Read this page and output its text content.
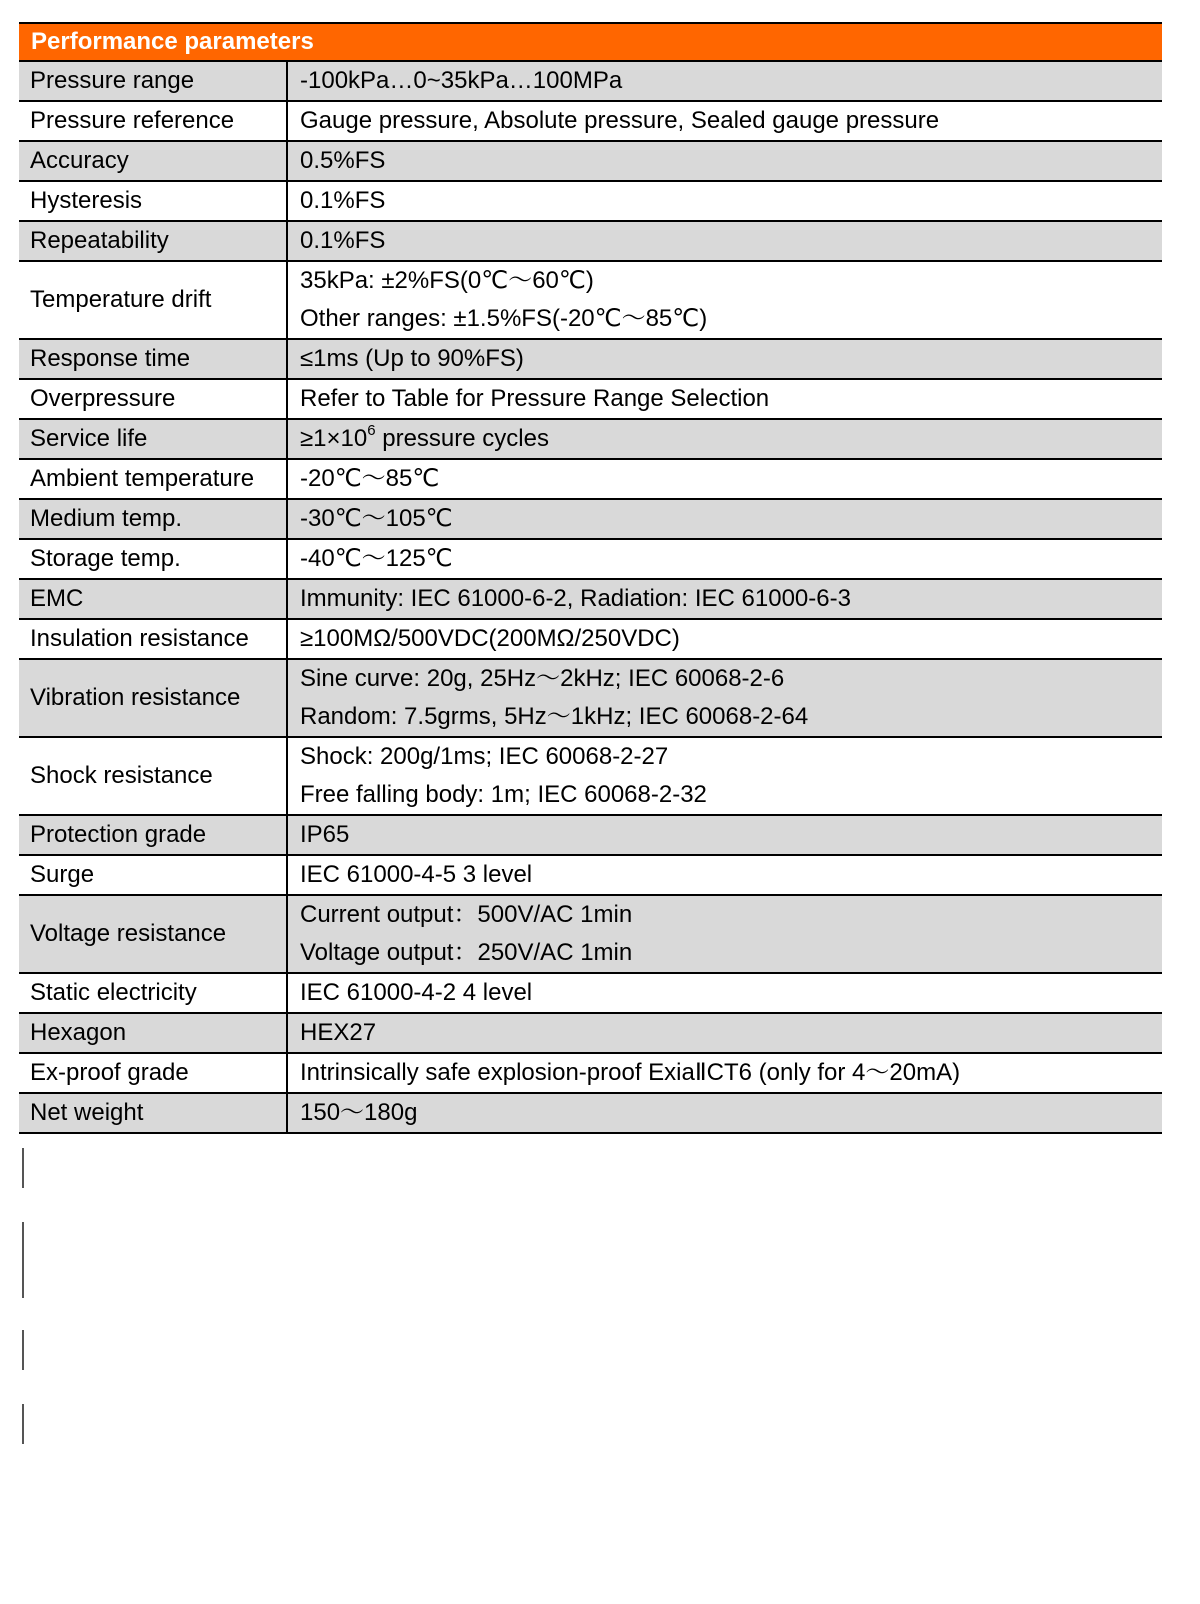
Performance parameters	

Pressure range	-100kPa…0~35kPa…100MPa

Pressure reference	Gauge pressure, Absolute pressure, Sealed gauge pressure

Accuracy	0.5%FS

Hysteresis	0.1%FS

Repeatability	0.1%FS

Temperature drift	35kPa: ±2%FS(0℃～60℃)
Other ranges: ±1.5%FS(-20℃～85℃)

Response time	≤1ms (Up to 90%FS)

Overpressure	Refer to Table for Pressure Range Selection

Service life	$\ge 1\times 10^6$ pressure cycles

Ambient temperature	-20℃～85℃

Medium temp.	-30℃～105℃

Storage temp.	-40℃～125℃

EMC	Immunity: IEC 61000-6-2, Radiation: IEC 61000-6-3

Insulation resistance	≥100MΩ/500VDC(200MΩ/250VDC)

Vibration resistance	Sine curve: 20g, 25Hz～2kHz; IEC 60068-2-6
Random: 7.5grms, 5Hz～1kHz; IEC 60068-2-64

Shock resistance	Shock: 200g/1ms; IEC 60068-2-27
Free falling body: 1m; IEC 60068-2-32

Protection grade	IP65

Surge	IEC 61000-4-5 3 level

Voltage resistance	Current output：500V/AC 1min
Voltage output：250V/AC 1min

Static electricity	IEC 61000-4-2 4 level

Hexagon	HEX27

Ex-proof grade	Intrinsically safe explosion-proof ExiaⅡCT6 (only for 4～20mA)

Net weight	150～180g
